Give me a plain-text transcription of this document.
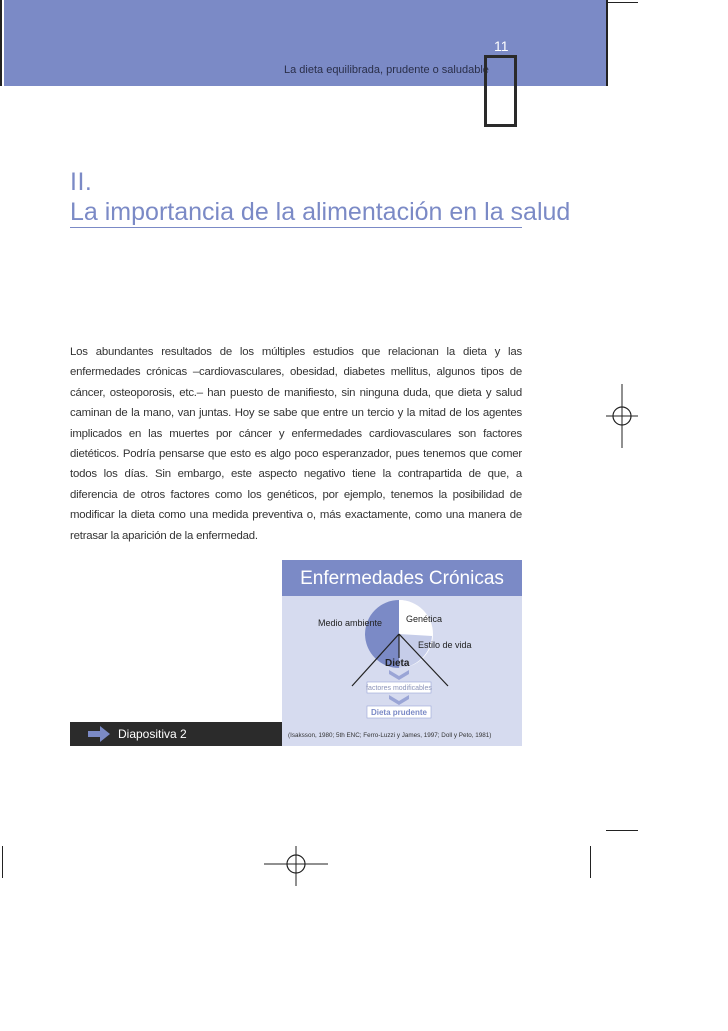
La dieta equilibrada, prudente o saludable
11
II.
La importancia de la alimentación en la salud
Los abundantes resultados de los múltiples estudios que relacionan la dieta y las enfermedades crónicas –cardiovasculares, obesidad, diabetes mellitus, algunos tipos de cáncer, osteoporosis, etc.– han puesto de manifiesto, sin ninguna duda, que dieta y salud caminan de la mano, van juntas. Hoy se sabe que entre un tercio y la mitad de los agentes implicados en las muertes por cáncer y enfermedades cardiovasculares son factores dietéticos. Podría pensarse que esto es algo poco esperanzador, pues tenemos que comer todos los días. Sin embargo, este aspecto negativo tiene la contrapartida de que, a diferencia de otros factores como los genéticos, por ejemplo, tenemos la posibilidad de modificar la dieta como una medida preventiva o, más exactamente, como una manera de retrasar la aparición de la enfermedad.
Enfermedades Crónicas
Medio ambiente	Genética
Estilo de vida
Dieta
factores modificables
Dieta prudente
(Isaksson, 1980; 5th ENC; Ferro-Luzzi y James, 1997; Doll y Peto, 1981)
Diapositiva 2
